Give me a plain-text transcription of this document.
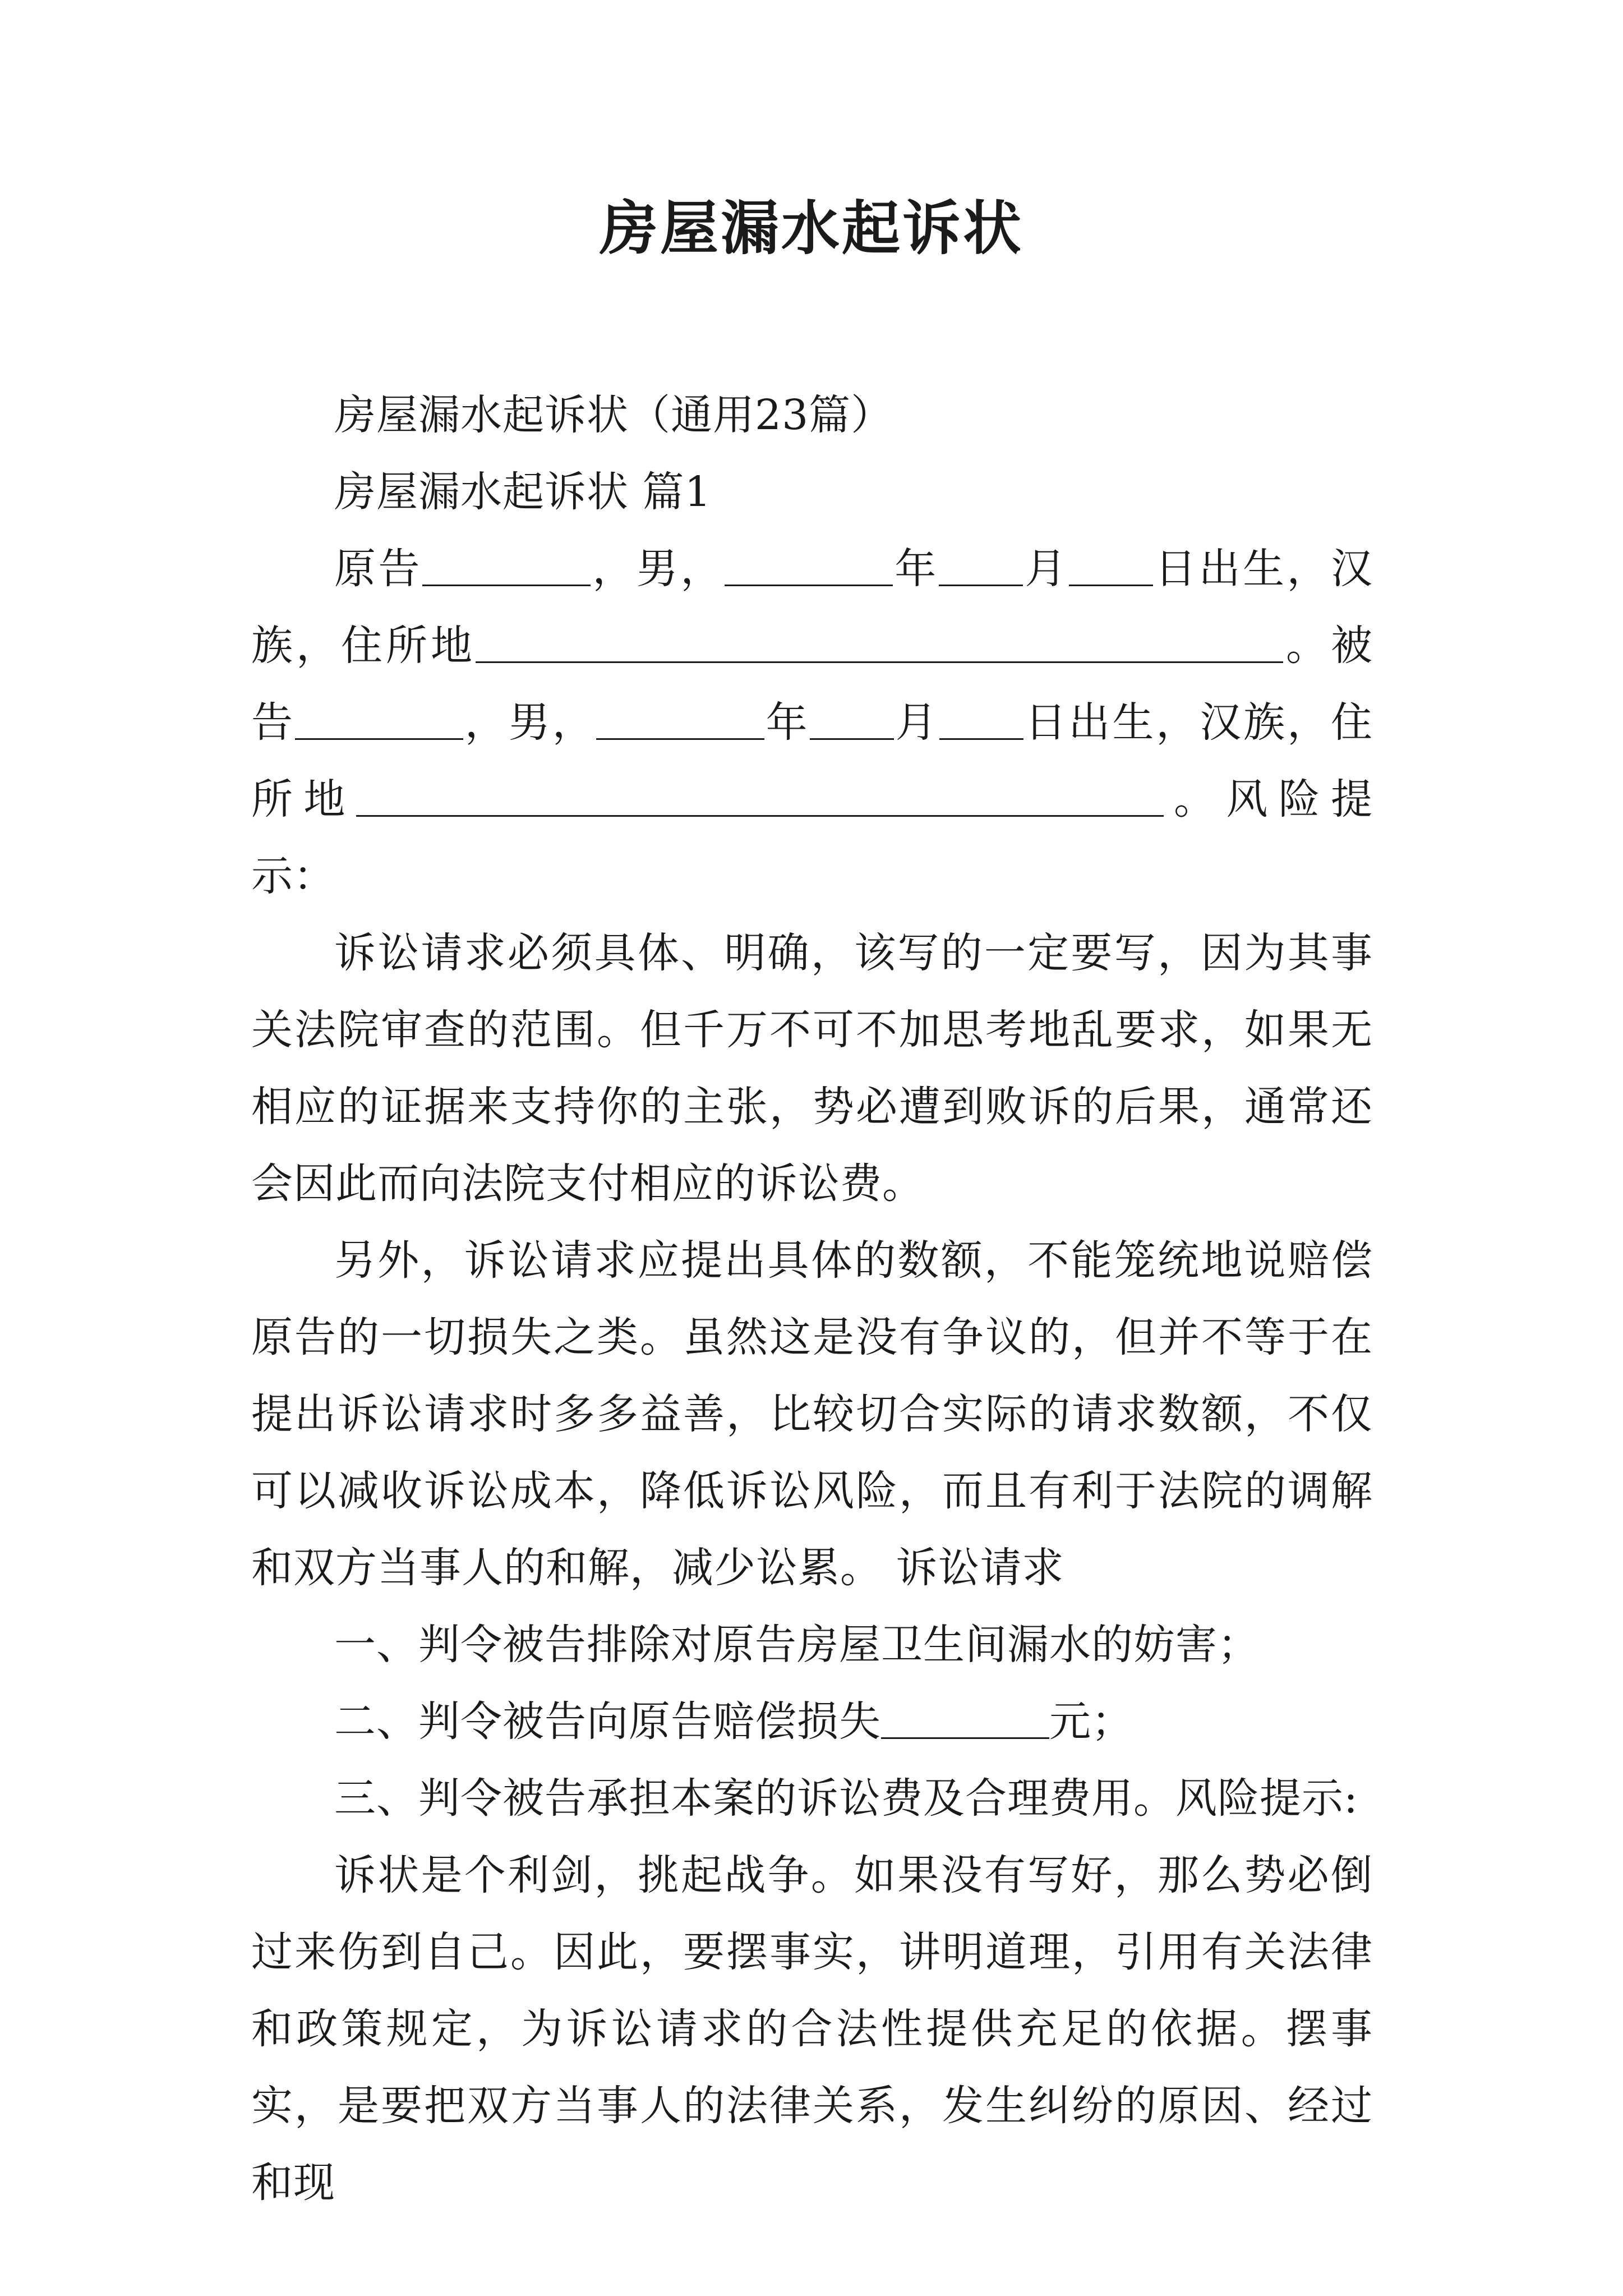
房屋漏水起诉状

房屋漏水起诉状（通用23篇）

房屋漏水起诉状 篇1

原告	，男，	年 月 日出生，汉族，住所地	。被告	，男，	年 月 日出生，汉族，住所地	。风险提示：

诉讼请求必须具体、明确，该写的一定要写，因为其事关法院审查的范围。但千万不可不加思考地乱要求，如果无相应的证据来支持你的主张，势必遭到败诉的后果，通常还会因此而向法院支付相应的诉讼费。

另外，诉讼请求应提出具体的数额，不能笼统地说赔偿原告的一切损失之类。虽然这是没有争议的，但并不等于在提出诉讼请求时多多益善，比较切合实际的请求数额，不仅可以减收诉讼成本，降低诉讼风险，而且有利于法院的调解和双方当事人的和解，减少讼累。 诉讼请求

一、判令被告排除对原告房屋卫生间漏水的妨害；

二、判令被告向原告赔偿损失	元；

三、判令被告承担本案的诉讼费及合理费用。风险提示:

诉状是个利剑，挑起战争。如果没有写好，那么势必倒过来伤到自己。因此，要摆事实，讲明道理，引用有关法律和政策规定，为诉讼请求的合法性提供充足的依据。摆事实，是要把双方当事人的法律关系，发生纠纷的原因、经过和现
